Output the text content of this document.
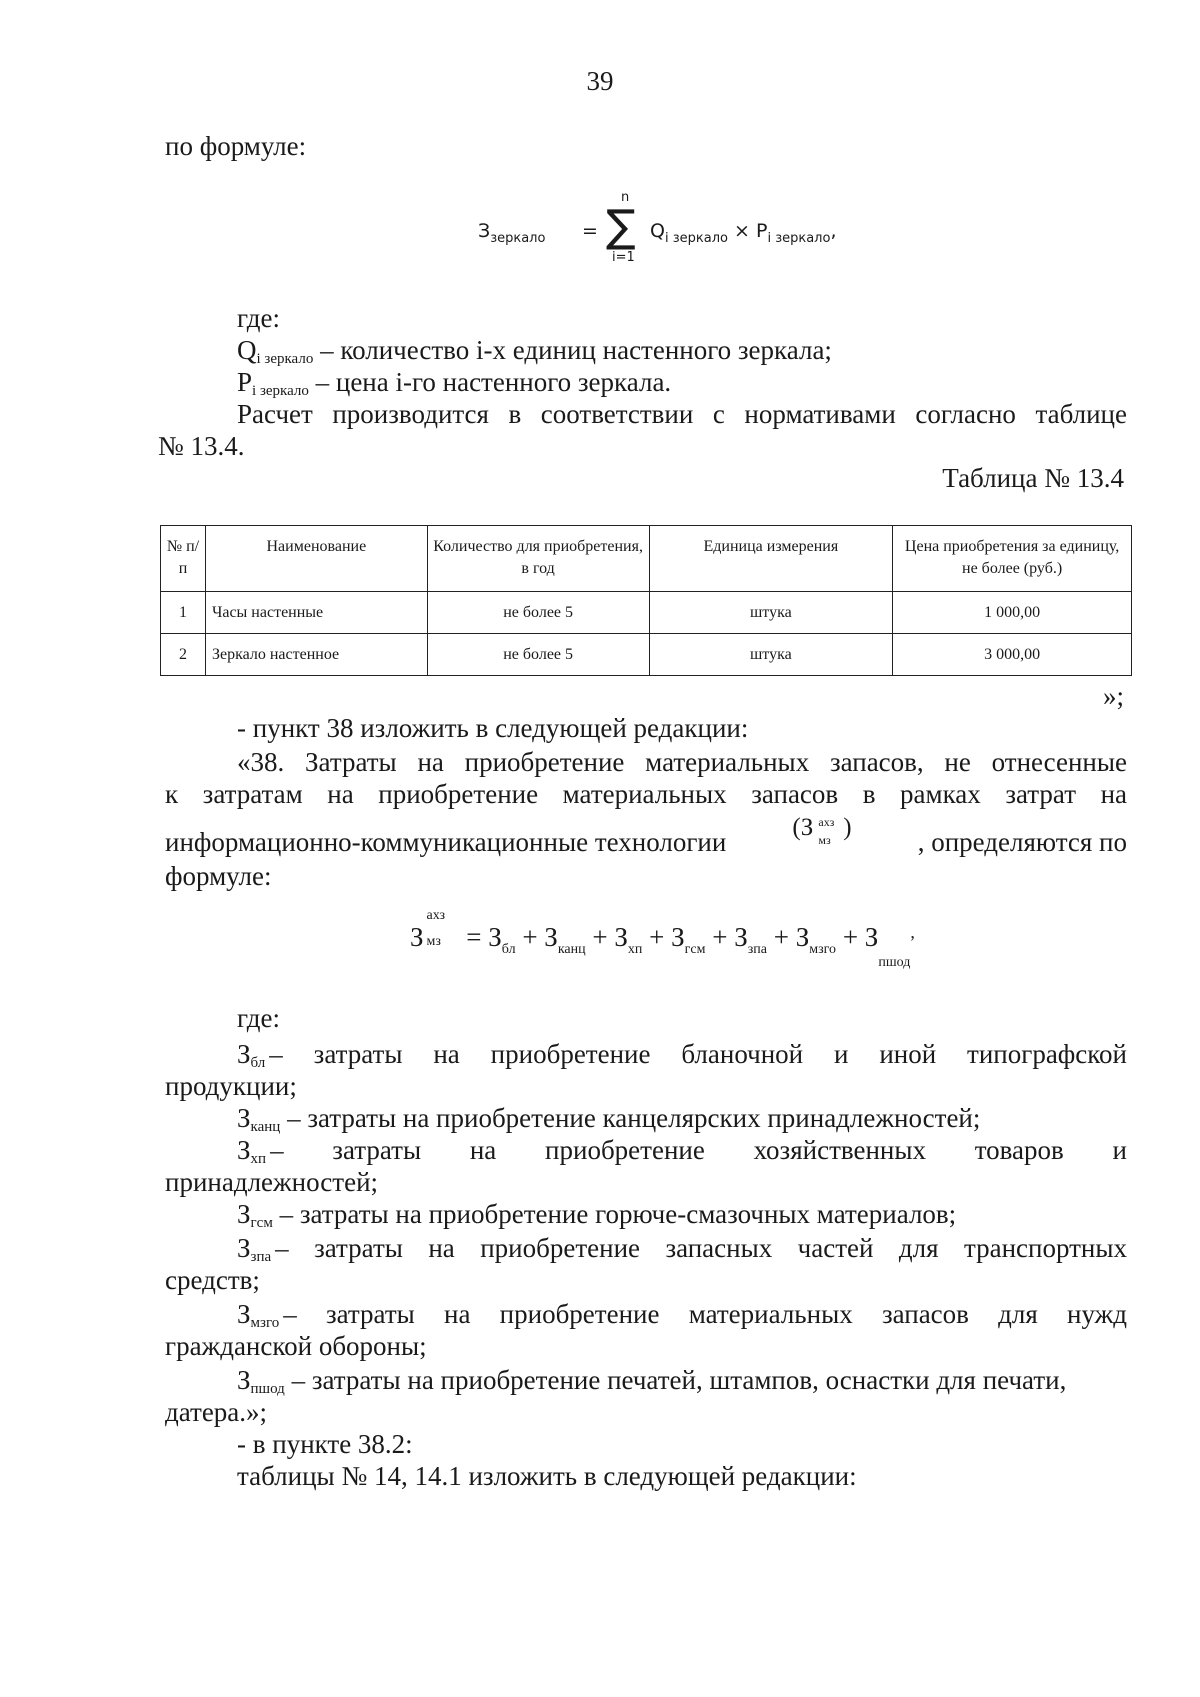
39
по формуле:
$З_{зеркало}$ =
n
∑
i=1
$Q_{i зеркало} \times P_{i зеркало}$,
где:
$Q_{i зеркало}$ – количество i-х единиц настенного зеркала;
$P_{i зеркало}$ – цена i-го настенного зеркала.
Расчет производится в соответствии с нормативами согласно таблице
№ 13.4.
Таблица № 13.4
№ п/п	Наименование	Количество для приобретения, в год	Единица измерения	Цена приобретения за единицу, не более (руб.)
1	Часы настенные	не более 5	штука	1 000,00
2	Зеркало настенное	не более 5	штука	3 000,00
»;
- пункт 38 изложить в следующей редакции:
«38. Затраты на приобретение материальных запасов, не отнесенные
к затратам на приобретение материальных запасов в рамках затрат на
информационно-коммуникационные технологии	(З )
ахз
мз	, определяются по
формуле:
З
ахз
мз = $З_{бл} + З_{канц} + З_{хп} + З_{гсм} + З_{зпа} + З_{мзго} + З_{пшод}^,$
где:
$З_{бл}$ – затраты на приобретение бланочной и иной типографской
продукции;
$З_{канц}$ – затраты на приобретение канцелярских принадлежностей;
$З_{хп}$ – затраты на приобретение хозяйственных товаров и
принадлежностей;
$З_{гсм}$ – затраты на приобретение горюче-смазочных материалов;
$З_{зпа}$ – затраты на приобретение запасных частей для транспортных
средств;
$З_{мзго}$ – затраты на приобретение материальных запасов для нужд
гражданской обороны;
$З_{пшод}$ – затраты на приобретение печатей, штампов, оснастки для печати,
датера.»;
- в пункте 38.2:
таблицы № 14, 14.1 изложить в следующей редакции:
